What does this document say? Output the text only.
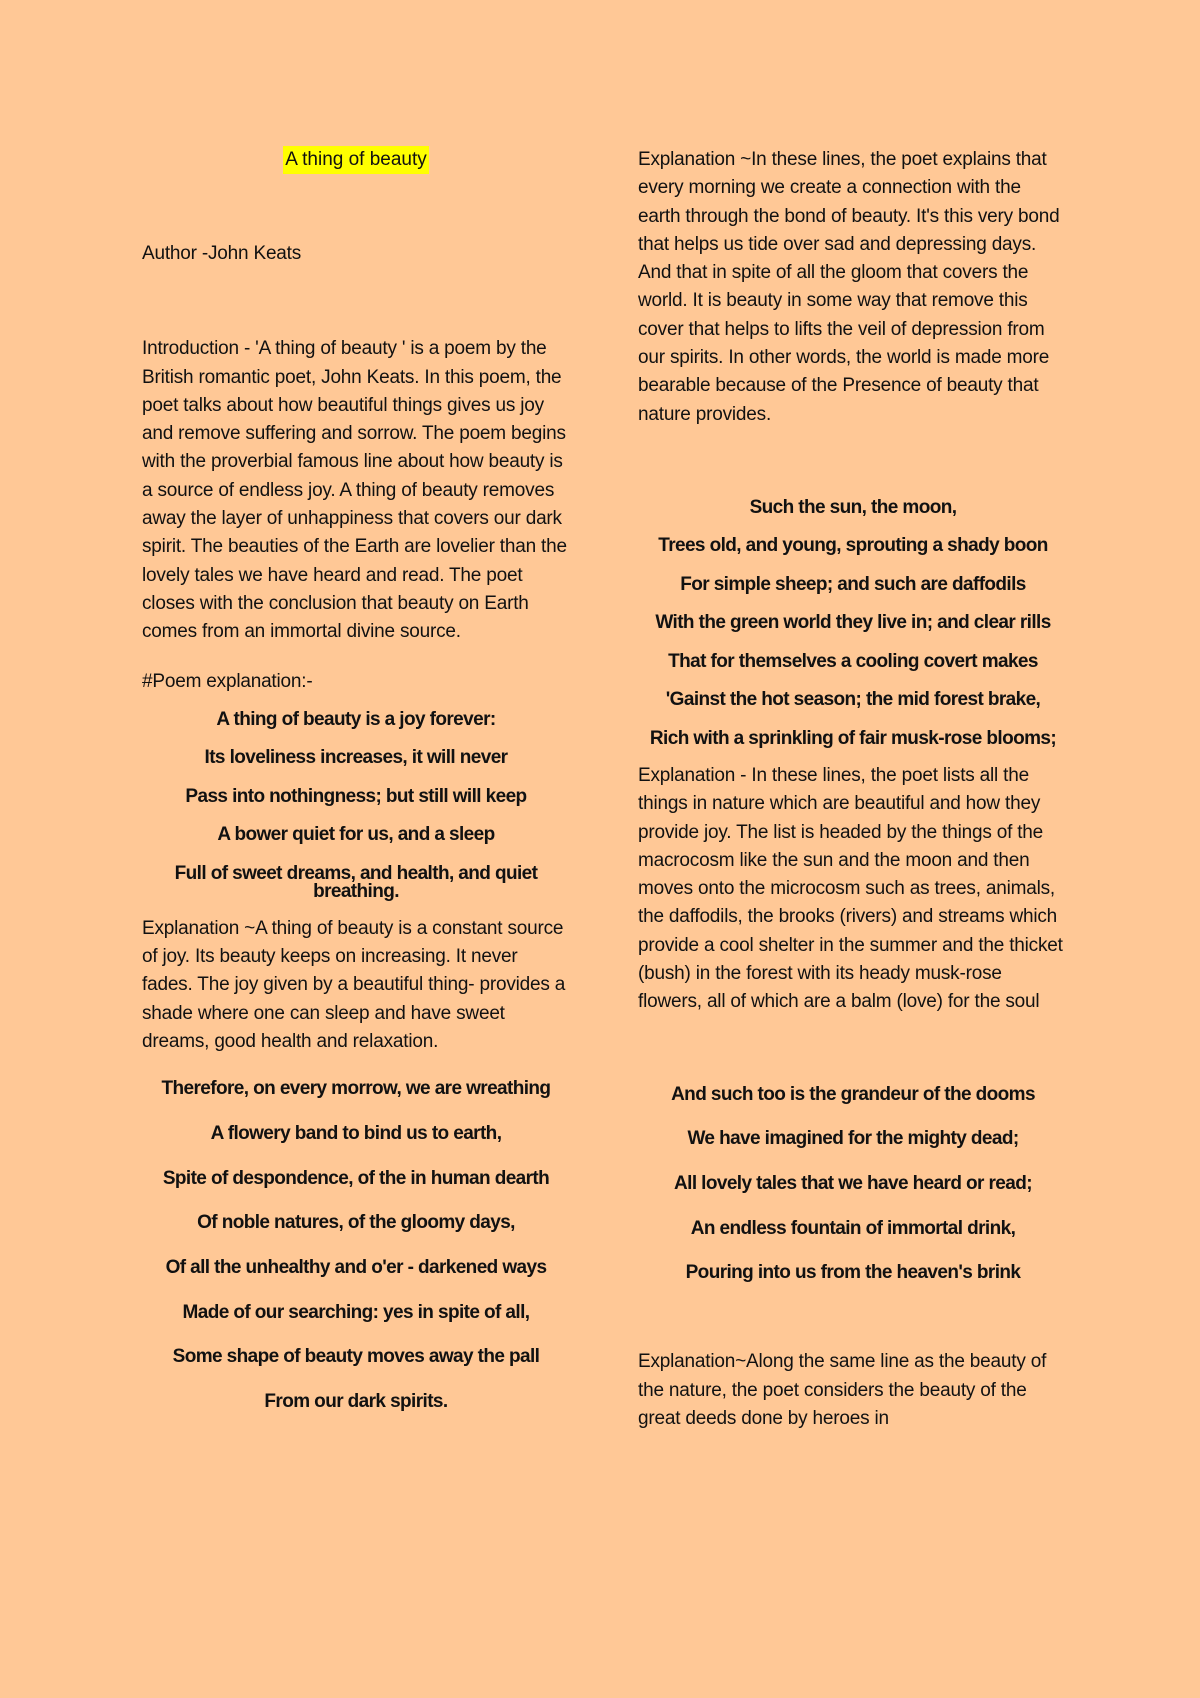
A thing of beauty

Author -John Keats

Introduction - 'A thing of beauty ' is a poem by the British romantic poet, John Keats. In this poem, the poet talks about how beautiful things gives us joy and remove suffering and sorrow. The poem begins with the proverbial famous line about how beauty is a source of endless joy. A thing of beauty removes away the layer of unhappiness that covers our dark spirit. The beauties of the Earth are lovelier than the lovely tales we have heard and read. The poet closes with the conclusion that beauty on Earth comes from an immortal divine source.

#Poem explanation:-

A thing of beauty is a joy forever:
Its loveliness increases, it will never
Pass into nothingness; but still will keep
A bower quiet for us, and a sleep
Full of sweet dreams, and health, and quiet breathing.

Explanation ~A thing of beauty is a constant source of joy. Its beauty keeps on increasing. It never fades. The joy given by a beautiful thing- provides a shade where one can sleep and have sweet dreams, good health and relaxation.

Therefore, on every morrow, we are wreathing
A flowery band to bind us to earth,
Spite of despondence, of the in human dearth
Of noble natures, of the gloomy days,
Of all the unhealthy and o'er - darkened ways
Made of our searching: yes in spite of all,
Some shape of beauty moves away the pall
From our dark spirits.

Explanation ~In these lines, the poet explains that every morning we create a connection with the earth through the bond of beauty. It's this very bond that helps us tide over sad and depressing days. And that in spite of all the gloom that covers the world. It is beauty in some way that remove this cover that helps to lifts the veil of depression from our spirits. In other words, the world is made more bearable because of the Presence of beauty that nature provides.

Such the sun, the moon,
Trees old, and young, sprouting a shady boon
For simple sheep; and such are daffodils
With the green world they live in; and clear rills
That for themselves a cooling covert makes
'Gainst the hot season; the mid forest brake,
Rich with a sprinkling of fair musk-rose blooms;

Explanation - In these lines, the poet lists all the things in nature which are beautiful and how they provide joy. The list is headed by the things of the macrocosm like the sun and the moon and then moves onto the microcosm such as trees, animals, the daffodils, the brooks (rivers) and streams which provide a cool shelter in the summer and the thicket (bush) in the forest with its heady musk-rose flowers, all of which are a balm (love) for the soul

And such too is the grandeur of the dooms
We have imagined for the mighty dead;
All lovely tales that we have heard or read;
An endless fountain of immortal drink,
Pouring into us from the heaven's brink

Explanation~Along the same line as the beauty of the nature, the poet considers the beauty of the great deeds done by heroes in
